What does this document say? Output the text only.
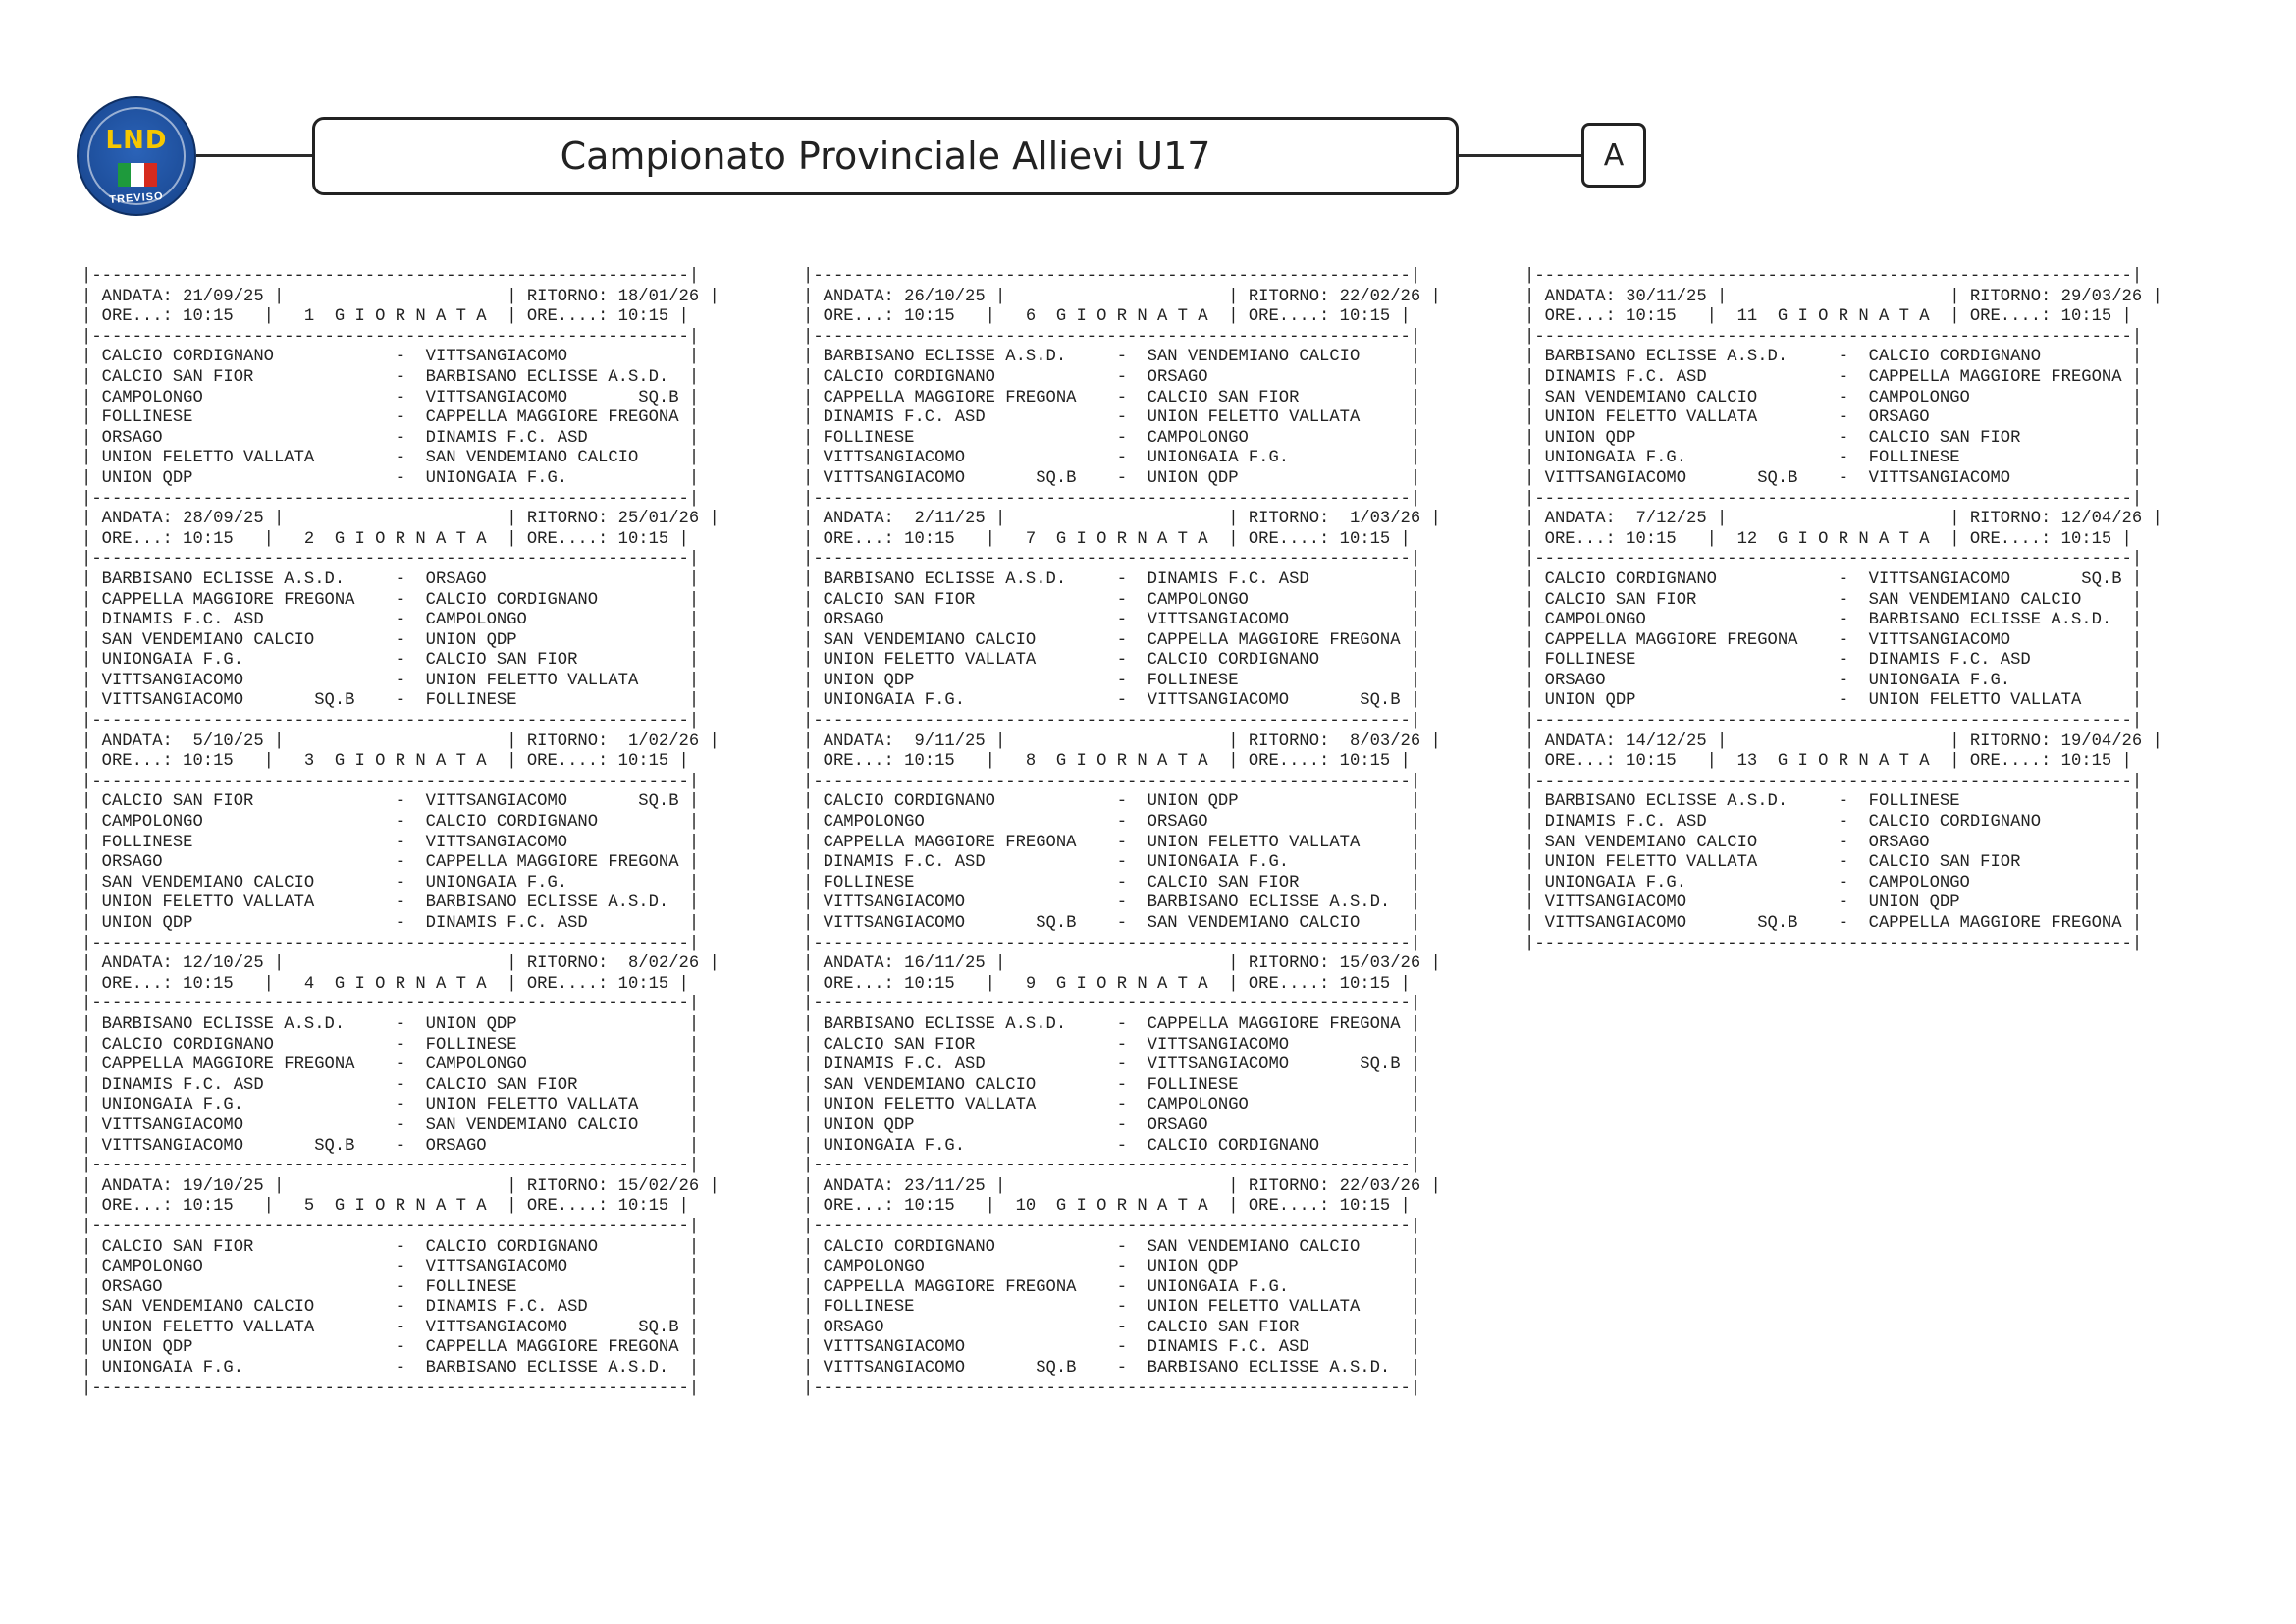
LND
TREVISO
Campionato Provinciale Allievi U17	A
|-----------------------------------------------------------|
| ANDATA: 21/09/25 |                      | RITORNO: 18/01/26 |
| ORE...: 10:15   |   1  G I O R N A T A  | ORE....: 10:15 |
|-----------------------------------------------------------|
| CALCIO CORDIGNANO            -  VITTSANGIACOMO            |
| CALCIO SAN FIOR              -  BARBISANO ECLISSE A.S.D.  |
| CAMPOLONGO                   -  VITTSANGIACOMO       SQ.B |
| FOLLINESE                    -  CAPPELLA MAGGIORE FREGONA |
| ORSAGO                       -  DINAMIS F.C. ASD          |
| UNION FELETTO VALLATA        -  SAN VENDEMIANO CALCIO     |
| UNION QDP                    -  UNIONGAIA F.G.            |
|-----------------------------------------------------------|

| ANDATA: 28/09/25 |                      | RITORNO: 25/01/26 |
| ORE...: 10:15   |   2  G I O R N A T A  | ORE....: 10:15 |
|-----------------------------------------------------------|
| BARBISANO ECLISSE A.S.D.     -  ORSAGO                    |
| CAPPELLA MAGGIORE FREGONA    -  CALCIO CORDIGNANO         |
| DINAMIS F.C. ASD             -  CAMPOLONGO                |
| SAN VENDEMIANO CALCIO        -  UNION QDP                 |
| UNIONGAIA F.G.               -  CALCIO SAN FIOR           |
| VITTSANGIACOMO               -  UNION FELETTO VALLATA     |
| VITTSANGIACOMO       SQ.B    -  FOLLINESE                 |
|-----------------------------------------------------------|

| ANDATA:  5/10/25 |                      | RITORNO:  1/02/26 |
| ORE...: 10:15   |   3  G I O R N A T A  | ORE....: 10:15 |
|-----------------------------------------------------------|
| CALCIO SAN FIOR              -  VITTSANGIACOMO       SQ.B |
| CAMPOLONGO                   -  CALCIO CORDIGNANO         |
| FOLLINESE                    -  VITTSANGIACOMO            |
| ORSAGO                       -  CAPPELLA MAGGIORE FREGONA |
| SAN VENDEMIANO CALCIO        -  UNIONGAIA F.G.            |
| UNION FELETTO VALLATA        -  BARBISANO ECLISSE A.S.D.  |
| UNION QDP                    -  DINAMIS F.C. ASD          |
|-----------------------------------------------------------|

| ANDATA: 12/10/25 |                      | RITORNO:  8/02/26 |
| ORE...: 10:15   |   4  G I O R N A T A  | ORE....: 10:15 |
|-----------------------------------------------------------|
| BARBISANO ECLISSE A.S.D.     -  UNION QDP                 |
| CALCIO CORDIGNANO            -  FOLLINESE                 |
| CAPPELLA MAGGIORE FREGONA    -  CAMPOLONGO                |
| DINAMIS F.C. ASD             -  CALCIO SAN FIOR           |
| UNIONGAIA F.G.               -  UNION FELETTO VALLATA     |
| VITTSANGIACOMO               -  SAN VENDEMIANO CALCIO     |
| VITTSANGIACOMO       SQ.B    -  ORSAGO                    |
|-----------------------------------------------------------|

| ANDATA: 19/10/25 |                      | RITORNO: 15/02/26 |
| ORE...: 10:15   |   5  G I O R N A T A  | ORE....: 10:15 |
|-----------------------------------------------------------|
| CALCIO SAN FIOR              -  CALCIO CORDIGNANO         |
| CAMPOLONGO                   -  VITTSANGIACOMO            |
| ORSAGO                       -  FOLLINESE                 |
| SAN VENDEMIANO CALCIO        -  DINAMIS F.C. ASD          |
| UNION FELETTO VALLATA        -  VITTSANGIACOMO       SQ.B |
| UNION QDP                    -  CAPPELLA MAGGIORE FREGONA |
| UNIONGAIA F.G.               -  BARBISANO ECLISSE A.S.D.  |
|-----------------------------------------------------------|

|-----------------------------------------------------------|
| ANDATA: 26/10/25 |                      | RITORNO: 22/02/26 |
| ORE...: 10:15   |   6  G I O R N A T A  | ORE....: 10:15 |
|-----------------------------------------------------------|
| BARBISANO ECLISSE A.S.D.     -  SAN VENDEMIANO CALCIO     |
| CALCIO CORDIGNANO            -  ORSAGO                    |
| CAPPELLA MAGGIORE FREGONA    -  CALCIO SAN FIOR           |
| DINAMIS F.C. ASD             -  UNION FELETTO VALLATA     |
| FOLLINESE                    -  CAMPOLONGO                |
| VITTSANGIACOMO               -  UNIONGAIA F.G.            |
| VITTSANGIACOMO       SQ.B    -  UNION QDP                 |
|-----------------------------------------------------------|

| ANDATA:  2/11/25 |                      | RITORNO:  1/03/26 |
| ORE...: 10:15   |   7  G I O R N A T A  | ORE....: 10:15 |
|-----------------------------------------------------------|
| BARBISANO ECLISSE A.S.D.     -  DINAMIS F.C. ASD          |
| CALCIO SAN FIOR              -  CAMPOLONGO                |
| ORSAGO                       -  VITTSANGIACOMO            |
| SAN VENDEMIANO CALCIO        -  CAPPELLA MAGGIORE FREGONA |
| UNION FELETTO VALLATA        -  CALCIO CORDIGNANO         |
| UNION QDP                    -  FOLLINESE                 |
| UNIONGAIA F.G.               -  VITTSANGIACOMO       SQ.B |
|-----------------------------------------------------------|

| ANDATA:  9/11/25 |                      | RITORNO:  8/03/26 |
| ORE...: 10:15   |   8  G I O R N A T A  | ORE....: 10:15 |
|-----------------------------------------------------------|
| CALCIO CORDIGNANO            -  UNION QDP                 |
| CAMPOLONGO                   -  ORSAGO                    |
| CAPPELLA MAGGIORE FREGONA    -  UNION FELETTO VALLATA     |
| DINAMIS F.C. ASD             -  UNIONGAIA F.G.            |
| FOLLINESE                    -  CALCIO SAN FIOR           |
| VITTSANGIACOMO               -  BARBISANO ECLISSE A.S.D.  |
| VITTSANGIACOMO       SQ.B    -  SAN VENDEMIANO CALCIO     |
|-----------------------------------------------------------|

| ANDATA: 16/11/25 |                      | RITORNO: 15/03/26 |
| ORE...: 10:15   |   9  G I O R N A T A  | ORE....: 10:15 |
|-----------------------------------------------------------|
| BARBISANO ECLISSE A.S.D.     -  CAPPELLA MAGGIORE FREGONA |
| CALCIO SAN FIOR              -  VITTSANGIACOMO            |
| DINAMIS F.C. ASD             -  VITTSANGIACOMO       SQ.B |
| SAN VENDEMIANO CALCIO        -  FOLLINESE                 |
| UNION FELETTO VALLATA        -  CAMPOLONGO                |
| UNION QDP                    -  ORSAGO                    |
| UNIONGAIA F.G.               -  CALCIO CORDIGNANO         |
|-----------------------------------------------------------|

| ANDATA: 23/11/25 |                      | RITORNO: 22/03/26 |
| ORE...: 10:15   |  10  G I O R N A T A  | ORE....: 10:15 |
|-----------------------------------------------------------|
| CALCIO CORDIGNANO            -  SAN VENDEMIANO CALCIO     |
| CAMPOLONGO                   -  UNION QDP                 |
| CAPPELLA MAGGIORE FREGONA    -  UNIONGAIA F.G.            |
| FOLLINESE                    -  UNION FELETTO VALLATA     |
| ORSAGO                       -  CALCIO SAN FIOR           |
| VITTSANGIACOMO               -  DINAMIS F.C. ASD          |
| VITTSANGIACOMO       SQ.B    -  BARBISANO ECLISSE A.S.D.  |
|-----------------------------------------------------------|

|-----------------------------------------------------------|
| ANDATA: 30/11/25 |                      | RITORNO: 29/03/26 |
| ORE...: 10:15   |  11  G I O R N A T A  | ORE....: 10:15 |
|-----------------------------------------------------------|
| BARBISANO ECLISSE A.S.D.     -  CALCIO CORDIGNANO         |
| DINAMIS F.C. ASD             -  CAPPELLA MAGGIORE FREGONA |
| SAN VENDEMIANO CALCIO        -  CAMPOLONGO                |
| UNION FELETTO VALLATA        -  ORSAGO                    |
| UNION QDP                    -  CALCIO SAN FIOR           |
| UNIONGAIA F.G.               -  FOLLINESE                 |
| VITTSANGIACOMO       SQ.B    -  VITTSANGIACOMO            |
|-----------------------------------------------------------|

| ANDATA:  7/12/25 |                      | RITORNO: 12/04/26 |
| ORE...: 10:15   |  12  G I O R N A T A  | ORE....: 10:15 |
|-----------------------------------------------------------|
| CALCIO CORDIGNANO            -  VITTSANGIACOMO       SQ.B |
| CALCIO SAN FIOR              -  SAN VENDEMIANO CALCIO     |
| CAMPOLONGO                   -  BARBISANO ECLISSE A.S.D.  |
| CAPPELLA MAGGIORE FREGONA    -  VITTSANGIACOMO            |
| FOLLINESE                    -  DINAMIS F.C. ASD          |
| ORSAGO                       -  UNIONGAIA F.G.            |
| UNION QDP                    -  UNION FELETTO VALLATA     |
|-----------------------------------------------------------|

| ANDATA: 14/12/25 |                      | RITORNO: 19/04/26 |
| ORE...: 10:15   |  13  G I O R N A T A  | ORE....: 10:15 |
|-----------------------------------------------------------|
| BARBISANO ECLISSE A.S.D.     -  FOLLINESE                 |
| DINAMIS F.C. ASD             -  CALCIO CORDIGNANO         |
| SAN VENDEMIANO CALCIO        -  ORSAGO                    |
| UNION FELETTO VALLATA        -  CALCIO SAN FIOR           |
| UNIONGAIA F.G.               -  CAMPOLONGO                |
| VITTSANGIACOMO               -  UNION QDP                 |
| VITTSANGIACOMO       SQ.B    -  CAPPELLA MAGGIORE FREGONA |
|-----------------------------------------------------------|
